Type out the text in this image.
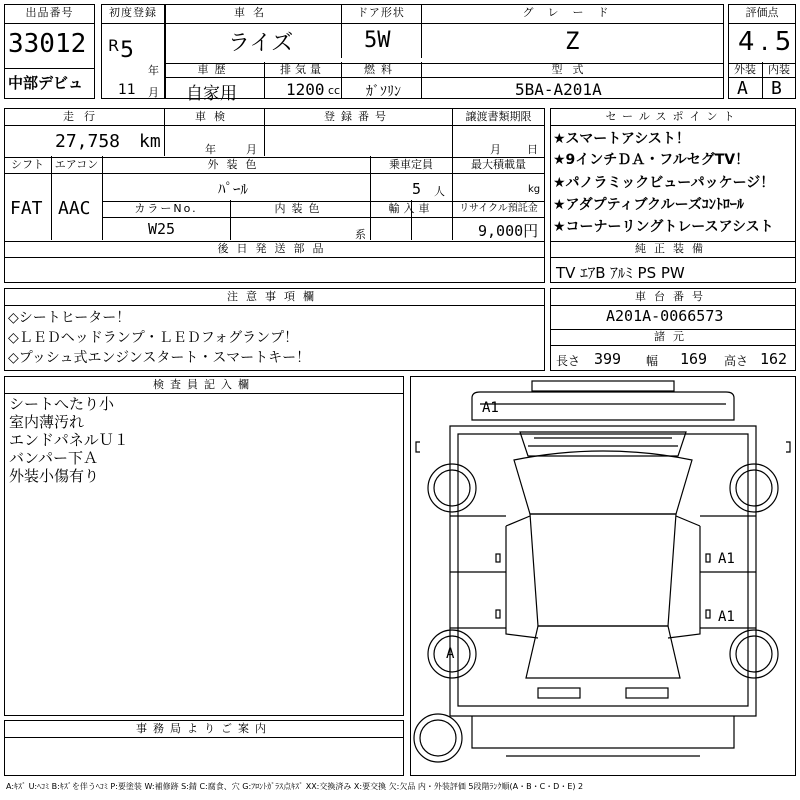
出品番号
33012
中部デビュ
初度登録
R 5
年
11 月
車名
ライズ
ドア形状
5W
グレード
Z
車歴
自家用
排気量
1200 cc
燃料
ｶﾞｿﾘﾝ
型式
5BA-A201A
評価点
4.5
外装	内装
A B
走行
27,758 km
車検
年	月
登録番号	譲渡書類期限
月 日
シフト
FAT
エアコン
AAC
外装色
ﾊﾟｰﾙ
乗車定員
5 人
最大積載量
kg
カラーNo.
W25
内装色
系
輸入車	リサイクル預託金
9,000円
後日発送部品
セールスポイント
★スマートアシスト！
★9インチＤＡ・フルセグTV！
★パノラミックビューパッケージ！
★アダプティブクルーズｺﾝﾄﾛｰﾙ
★コーナーリングトレースアシスト
純正装備
TV ｴｱB ｱﾙﾐ PS PW
注意事項欄
◇シートヒーター！
◇ＬＥＤヘッドランプ・ＬＥＤフォグランプ！
◇プッシュ式エンジンスタート・スマートキー！
車台番号
A201A-0066573
諸元
長さ 399 幅 169 高さ 162
検査員記入欄
シートへたり小
室内薄汚れ
エンドパネルＵ１
バンパー下Ａ
外装小傷有り
A1
A1
A1
A
事務局よりご案内
A:ｷｽﾞ U:ﾍｺﾐ B:ｷｽﾞを伴うﾍｺﾐ P:要塗装 W:補修跡 S:錆 C:腐食、穴 G:ﾌﾛﾝﾄｶﾞﾗｽ点ｷｽﾞ XX:交換済み X:要交換 欠:欠品 内・外装評価 5段階ﾗﾝｸ順(A・B・C・D・E) 2
